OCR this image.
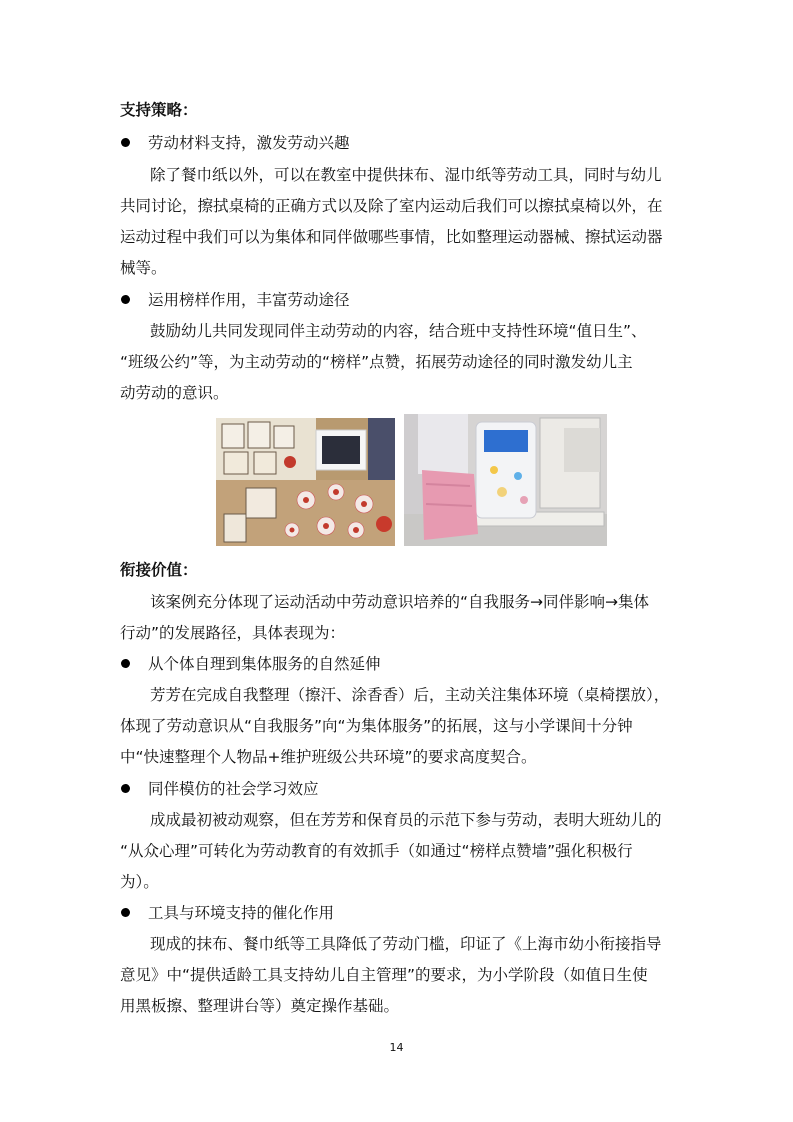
支持策略：
劳动材料支持，激发劳动兴趣
除了餐巾纸以外，可以在教室中提供抹布、湿巾纸等劳动工具，同时与幼儿
共同讨论，擦拭桌椅的正确方式以及除了室内运动后我们可以擦拭桌椅以外，在
运动过程中我们可以为集体和同伴做哪些事情，比如整理运动器械、擦拭运动器
械等。
运用榜样作用，丰富劳动途径
鼓励幼儿共同发现同伴主动劳动的内容，结合班中支持性环境“值日生”、
“班级公约”等，为主动劳动的“榜样”点赞，拓展劳动途径的同时激发幼儿主
动劳动的意识。
衔接价值：
该案例充分体现了运动活动中劳动意识培养的“自我服务→同伴影响→集体
行动”的发展路径，具体表现为：
从个体自理到集体服务的自然延伸
芳芳在完成自我整理（擦汗、涂香香）后，主动关注集体环境（桌椅摆放），
体现了劳动意识从“自我服务”向“为集体服务”的拓展，这与小学课间十分钟
中“快速整理个人物品+维护班级公共环境”的要求高度契合。
同伴模仿的社会学习效应
成成最初被动观察，但在芳芳和保育员的示范下参与劳动，表明大班幼儿的
“从众心理”可转化为劳动教育的有效抓手（如通过“榜样点赞墙”强化积极行
为）。
工具与环境支持的催化作用
现成的抹布、餐巾纸等工具降低了劳动门槛，印证了《上海市幼小衔接指导
意见》中“提供适龄工具支持幼儿自主管理”的要求，为小学阶段（如值日生使
用黑板擦、整理讲台等）奠定操作基础。
14
